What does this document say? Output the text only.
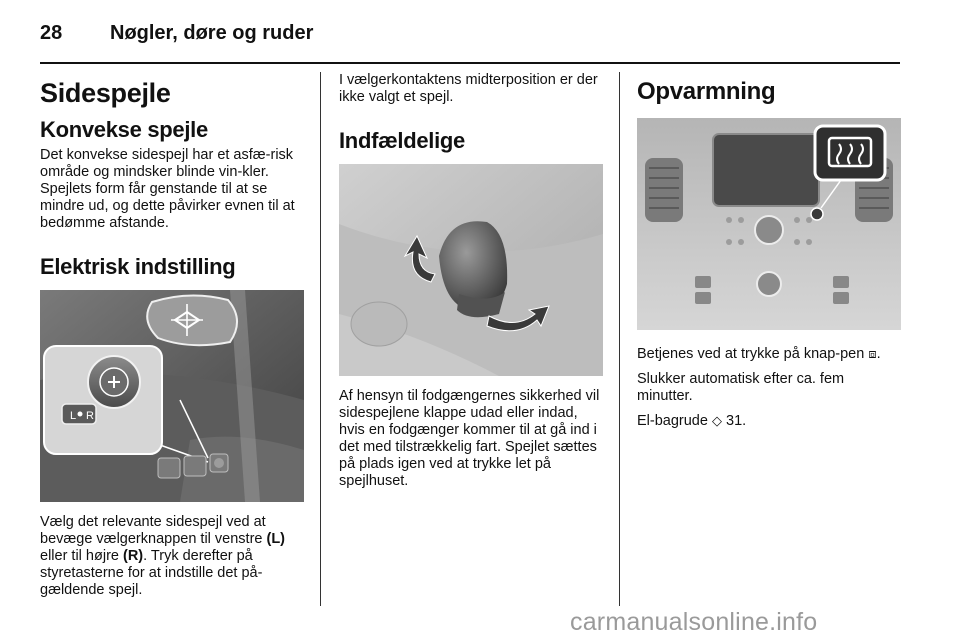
28 Nøgler, døre og ruder
Sidespejle
Konvekse spejle

Det konvekse sidespejl har et asfæ-risk område og mindsker blinde vin-kler. Spejlets form får genstande til at se mindre ud, og dette påvirker evnen til at bedømme afstande.

Elektrisk indstilling
L R

Vælg det relevante sidespejl ved at bevæge vælgerknappen til venstre (L) eller til højre (R). Tryk derefter på styretasterne for at indstille det på-gældende spejl.

I vælgerkontaktens midterposition er der ikke valgt et spejl.

Indfældelige

Af hensyn til fodgængernes sikkerhed vil sidespejlene klappe udad eller indad, hvis en fodgænger kommer til at gå ind i det med tilstrækkelig fart. Spejlet sættes på plads igen ved at trykke let på spejlhuset.

Opvarmning

Betjenes ved at trykke på knap-pen ⧈.

Slukker automatisk efter ca. fem minutter.

El-bagrude ◇ 31.

carmanualsonline.info
